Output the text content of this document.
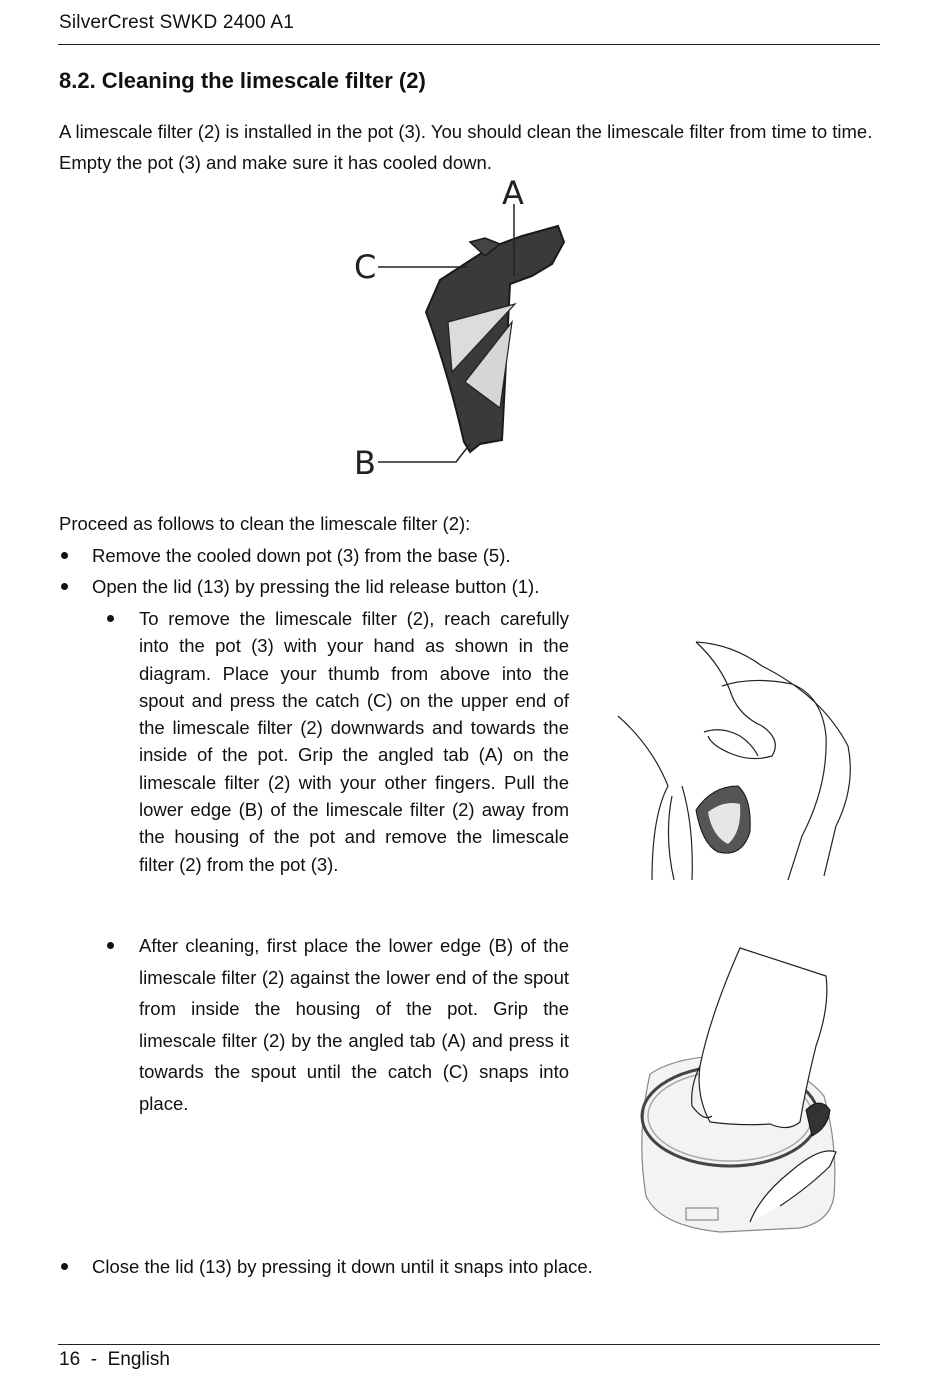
SilverCrest SWKD 2400 A1
8.2. Cleaning the limescale filter (2)
A limescale filter (2) is installed in the pot (3). You should clean the limescale filter from time to time.
Empty the pot (3) and make sure it has cooled down.
A
C
B
Proceed as follows to clean the limescale filter (2):
Remove the cooled down pot (3) from the base (5).
Open the lid (13) by pressing the lid release button (1).
To remove the limescale filter (2), reach carefully into the pot (3) with your hand as shown in the diagram. Place your thumb from above into the spout and press the catch (C) on the upper end of the limescale filter (2) downwards and towards the inside of the pot. Grip the angled tab (A) on the limescale filter (2) with your other fingers. Pull the lower edge (B) of the limescale filter (2) away from the housing of the pot and remove the limescale filter (2) from the pot (3).
After cleaning, first place the lower edge (B) of the limescale filter (2) against the lower end of the spout from inside the housing of the pot. Grip the limescale filter (2) by the angled tab (A) and press it towards the spout until the catch (C) snaps into place.
Close the lid (13) by pressing it down until it snaps into place.
16  -  English
